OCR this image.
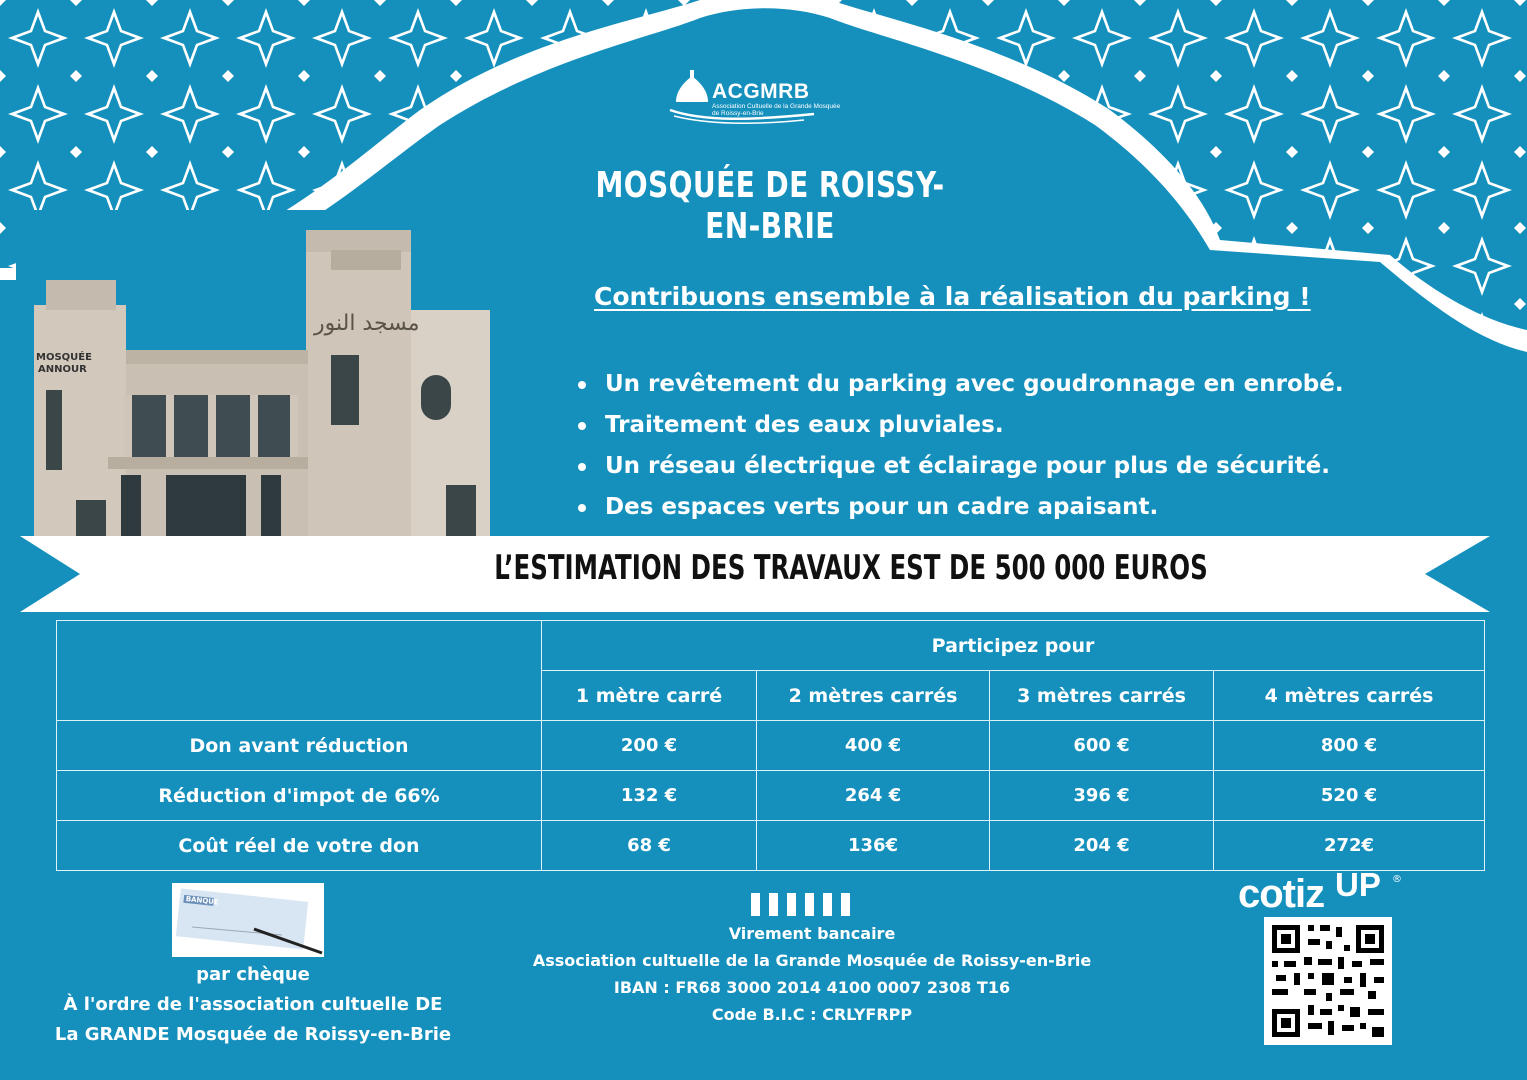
ACGMRB
Association Cultuelle de la Grande Mosquée de Roissy-en-Brie
MOSQUÉE DE ROISSY-EN-BRIE
MOSQUÉE
ANNOUR
مسجد النور
Contribuons ensemble à la réalisation du parking !
Un revêtement du parking avec goudronnage en enrobé.
Traitement des eaux pluviales.
Un réseau électrique et éclairage pour plus de sécurité.
Des espaces verts pour un cadre apaisant.
L’ESTIMATION DES TRAVAUX EST DE 500 000 EUROS
	Participez pour			
	1 mètre carré	2 mètres carrés	3 mètres carrés	4 mètres carrés
Don avant réduction	200 €	400 €	600 €	800 €
Réduction d'impot de 66%	132 €	264 €	396 €	520 €
Coût réel de votre don	68 €	136€	204 €	272€
BANQUE
par chèque
À l'ordre de l'association cultuelle DE
La GRANDE Mosquée de Roissy-en-Brie
Virement bancaire
Association cultuelle de la Grande Mosquée de Roissy-en-Brie
IBAN : FR68 3000 2014 4100 0007 2308 T16
Code B.I.C : CRLYFRPP
cotiz UP ®
